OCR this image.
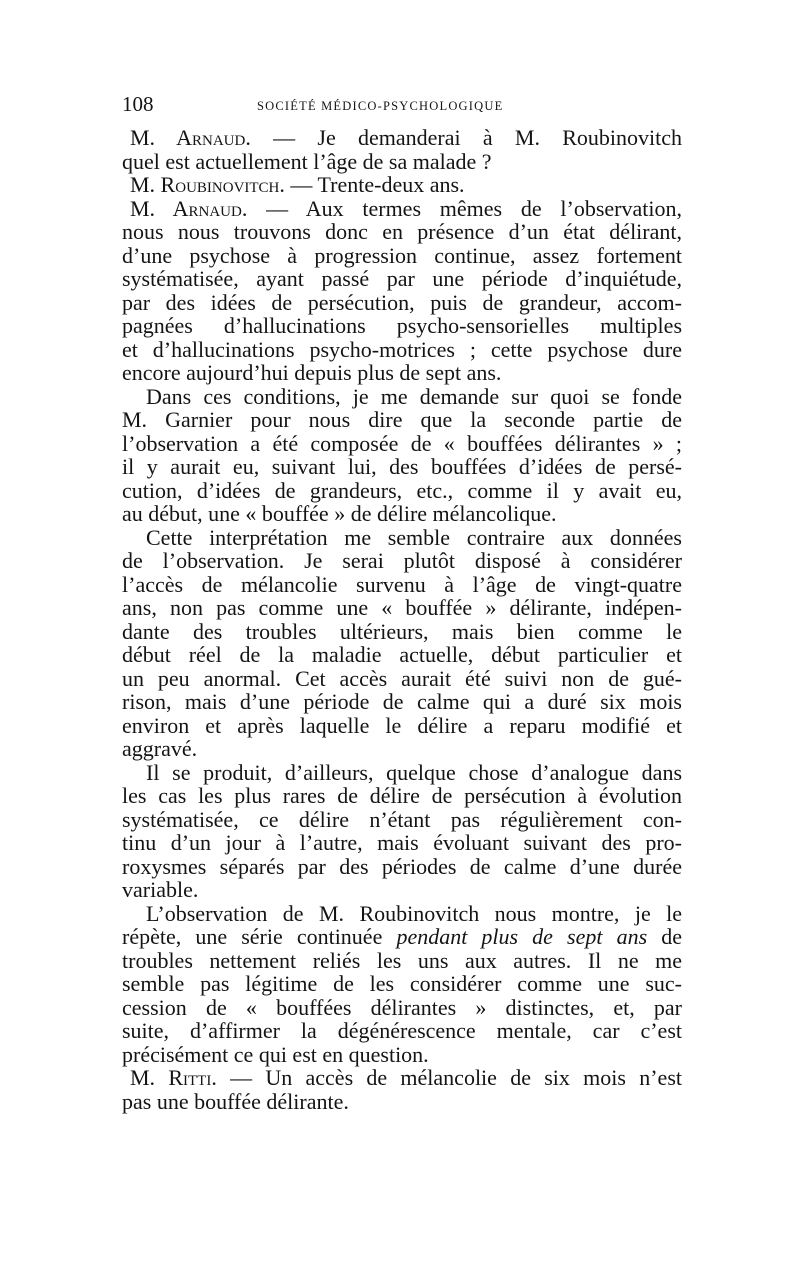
108	SOCIÉTÉ MÉDICO-PSYCHOLOGIQUE
M. Arnaud. — Je demanderai à M. Roubinovitch
quel est actuellement l’âge de sa malade ?
M. Roubinovitch. — Trente-deux ans.
M. Arnaud. — Aux termes mêmes de l’observation,
nous nous trouvons donc en présence d’un état délirant,
d’une psychose à progression continue, assez fortement
systématisée, ayant passé par une période d’inquiétude,
par des idées de persécution, puis de grandeur, accom-
pagnées d’hallucinations psycho-sensorielles multiples
et d’hallucinations psycho-motrices ; cette psychose dure
encore aujourd’hui depuis plus de sept ans.
Dans ces conditions, je me demande sur quoi se fonde
M. Garnier pour nous dire que la seconde partie de
l’observation a été composée de « bouffées délirantes » ;
il y aurait eu, suivant lui, des bouffées d’idées de persé-
cution, d’idées de grandeurs, etc., comme il y avait eu,
au début, une « bouffée » de délire mélancolique.
Cette interprétation me semble contraire aux données
de l’observation. Je serai plutôt disposé à considérer
l’accès de mélancolie survenu à l’âge de vingt-quatre
ans, non pas comme une « bouffée » délirante, indépen-
dante des troubles ultérieurs, mais bien comme le
début réel de la maladie actuelle, début particulier et
un peu anormal. Cet accès aurait été suivi non de gué-
rison, mais d’une période de calme qui a duré six mois
environ et après laquelle le délire a reparu modifié et
aggravé.
Il se produit, d’ailleurs, quelque chose d’analogue dans
les cas les plus rares de délire de persécution à évolution
systématisée, ce délire n’étant pas régulièrement con-
tinu d’un jour à l’autre, mais évoluant suivant des pro-
roxysmes séparés par des périodes de calme d’une durée
variable.
L’observation de M. Roubinovitch nous montre, je le
répète, une série continuée pendant plus de sept ans de
troubles nettement reliés les uns aux autres. Il ne me
semble pas légitime de les considérer comme une suc-
cession de « bouffées délirantes » distinctes, et, par
suite, d’affirmer la dégénérescence mentale, car c’est
précisément ce qui est en question.
M. Ritti. — Un accès de mélancolie de six mois n’est
pas une bouffée délirante.
